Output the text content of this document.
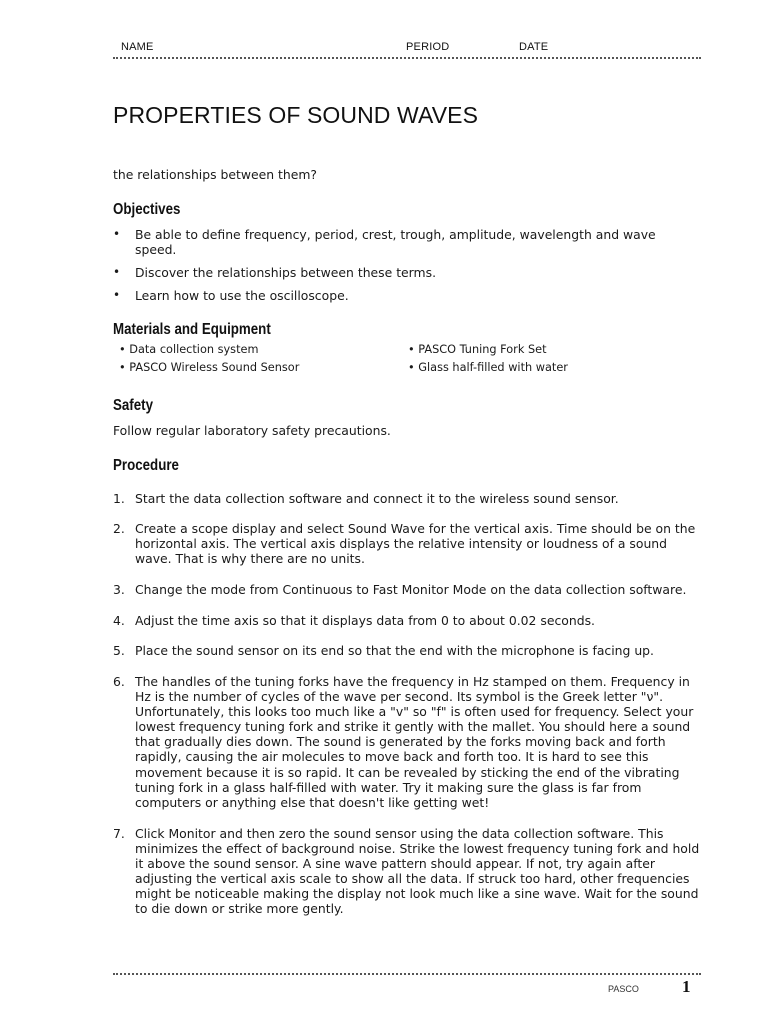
NAME	PERIOD	DATE
PROPERTIES OF SOUND WAVES
the relationships between them?
Objectives
• Be able to define frequency, period, crest, trough, amplitude, wavelength and wave speed.
• Discover the relationships between these terms.
• Learn how to use the oscilloscope.
Materials and Equipment
• Data collection system
• PASCO Wireless Sound Sensor
• PASCO Tuning Fork Set
• Glass half-filled with water
Safety
Follow regular laboratory safety precautions.
Procedure
1. Start the data collection software and connect it to the wireless sound sensor.
2. Create a scope display and select Sound Wave for the vertical axis. Time should be on the horizontal axis. The vertical axis displays the relative intensity or loudness of a sound wave. That is why there are no units.
3. Change the mode from Continuous to Fast Monitor Mode on the data collection software.
4. Adjust the time axis so that it displays data from 0 to about 0.02 seconds.
5. Place the sound sensor on its end so that the end with the microphone is facing up.
6. The handles of the tuning forks have the frequency in Hz stamped on them. Frequency in Hz is the number of cycles of the wave per second. Its symbol is the Greek letter "ν". Unfortunately, this looks too much like a "v" so "f" is often used for frequency. Select your lowest frequency tuning fork and strike it gently with the mallet. You should here a sound that gradually dies down. The sound is generated by the forks moving back and forth rapidly, causing the air molecules to move back and forth too. It is hard to see this movement because it is so rapid. It can be revealed by sticking the end of the vibrating tuning fork in a glass half-filled with water. Try it making sure the glass is far from computers or anything else that doesn't like getting wet!
7. Click Monitor and then zero the sound sensor using the data collection software. This minimizes the effect of background noise. Strike the lowest frequency tuning fork and hold it above the sound sensor. A sine wave pattern should appear. If not, try again after adjusting the vertical axis scale to show all the data. If struck too hard, other frequencies might be noticeable making the display not look much like a sine wave. Wait for the sound to die down or strike more gently.
PASCO	1
